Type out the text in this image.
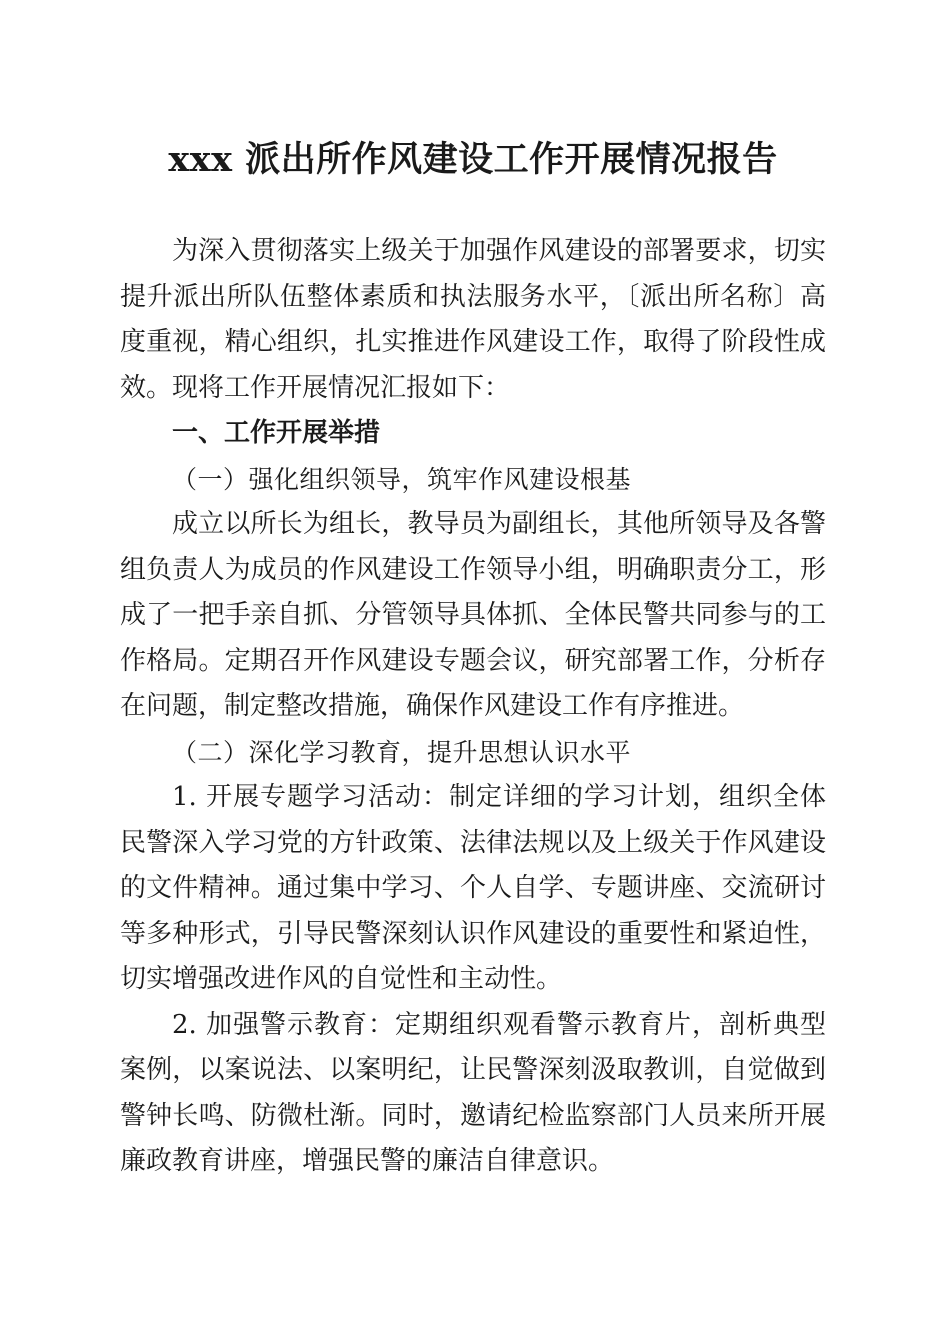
xxx 派出所作风建设工作开展情况报告

为深入贯彻落实上级关于加强作风建设的部署要求，切实提升派出所队伍整体素质和执法服务水平，〔派出所名称〕高度重视，精心组织，扎实推进作风建设工作，取得了阶段性成效。现将工作开展情况汇报如下：

一、工作开展举措

（一）强化组织领导，筑牢作风建设根基

成立以所长为组长，教导员为副组长，其他所领导及各警组负责人为成员的作风建设工作领导小组，明确职责分工，形成了一把手亲自抓、分管领导具体抓、全体民警共同参与的工作格局。定期召开作风建设专题会议，研究部署工作，分析存在问题，制定整改措施，确保作风建设工作有序推进。

（二）深化学习教育，提升思想认识水平

1. 开展专题学习活动：制定详细的学习计划，组织全体民警深入学习党的方针政策、法律法规以及上级关于作风建设的文件精神。通过集中学习、个人自学、专题讲座、交流研讨等多种形式，引导民警深刻认识作风建设的重要性和紧迫性，切实增强改进作风的自觉性和主动性。

2. 加强警示教育：定期组织观看警示教育片，剖析典型案例，以案说法、以案明纪，让民警深刻汲取教训，自觉做到警钟长鸣、防微杜渐。同时，邀请纪检监察部门人员来所开展廉政教育讲座，增强民警的廉洁自律意识。
